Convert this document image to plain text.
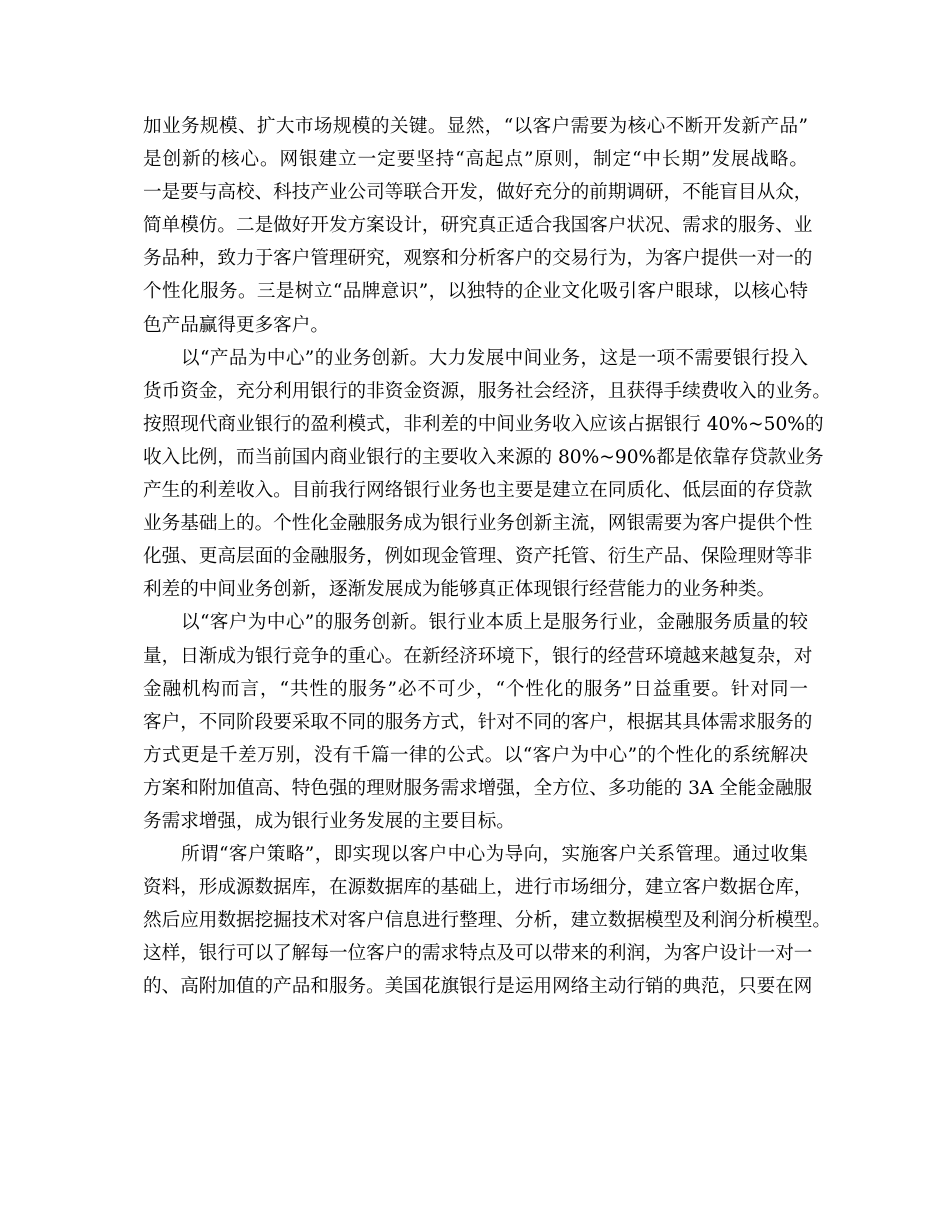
加业务规模、扩大市场规模的关键。显然，“以客户需要为核心不断开发新产品”
是创新的核心。网银建立一定要坚持“高起点”原则，制定“中长期”发展战略。
一是要与高校、科技产业公司等联合开发，做好充分的前期调研，不能盲目从众，
简单模仿。二是做好开发方案设计，研究真正适合我国客户状况、需求的服务、业
务品种，致力于客户管理研究，观察和分析客户的交易行为，为客户提供一对一的
个性化服务。三是树立“品牌意识”，以独特的企业文化吸引客户眼球，以核心特
色产品赢得更多客户。
　　以“产品为中心”的业务创新。大力发展中间业务，这是一项不需要银行投入
货币资金，充分利用银行的非资金资源，服务社会经济，且获得手续费收入的业务。
按照现代商业银行的盈利模式，非利差的中间业务收入应该占据银行 40%~50%的
收入比例，而当前国内商业银行的主要收入来源的 80%~90%都是依靠存贷款业务
产生的利差收入。目前我行网络银行业务也主要是建立在同质化、低层面的存贷款
业务基础上的。个性化金融服务成为银行业务创新主流，网银需要为客户提供个性
化强、更高层面的金融服务，例如现金管理、资产托管、衍生产品、保险理财等非
利差的中间业务创新，逐渐发展成为能够真正体现银行经营能力的业务种类。
　　以“客户为中心”的服务创新。银行业本质上是服务行业，金融服务质量的较
量，日渐成为银行竞争的重心。在新经济环境下，银行的经营环境越来越复杂，对
金融机构而言，“共性的服务”必不可少，“个性化的服务”日益重要。针对同一
客户，不同阶段要采取不同的服务方式，针对不同的客户，根据其具体需求服务的
方式更是千差万别，没有千篇一律的公式。以“客户为中心”的个性化的系统解决
方案和附加值高、特色强的理财服务需求增强，全方位、多功能的 3A 全能金融服
务需求增强，成为银行业务发展的主要目标。
　　所谓“客户策略”，即实现以客户中心为导向，实施客户关系管理。通过收集
资料，形成源数据库，在源数据库的基础上，进行市场细分，建立客户数据仓库，
然后应用数据挖掘技术对客户信息进行整理、分析，建立数据模型及利润分析模型。
这样，银行可以了解每一位客户的需求特点及可以带来的利润，为客户设计一对一
的、高附加值的产品和服务。美国花旗银行是运用网络主动行销的典范，只要在网
